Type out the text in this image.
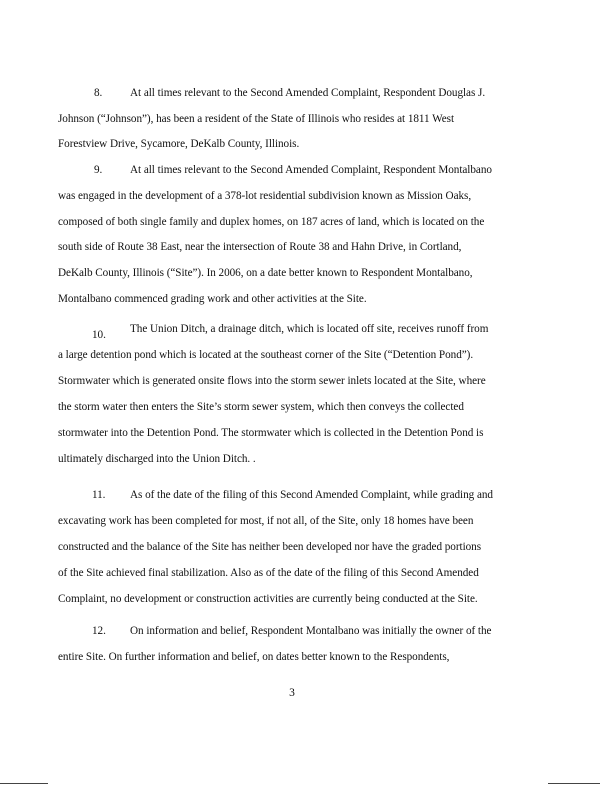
8. At all times relevant to the Second Amended Complaint, Respondent Douglas J.
Johnson (“Johnson”), has been a resident of the State of Illinois who resides at 1811 West
Forestview Drive, Sycamore, DeKalb County, Illinois.
9. At all times relevant to the Second Amended Complaint, Respondent Montalbano
was engaged in the development of a 378-lot residential subdivision known as Mission Oaks,
composed of both single family and duplex homes, on 187 acres of land, which is located on the
south side of Route 38 East, near the intersection of Route 38 and Hahn Drive, in Cortland,
DeKalb County, Illinois (“Site”). In 2006, on a date better known to Respondent Montalbano,
Montalbano commenced grading work and other activities at the Site.
10. The Union Ditch, a drainage ditch, which is located off site, receives runoff from
a large detention pond which is located at the southeast corner of the Site (“Detention Pond”).
Stormwater which is generated onsite flows into the storm sewer inlets located at the Site, where
the storm water then enters the Site’s storm sewer system, which then conveys the collected
stormwater into the Detention Pond. The stormwater which is collected in the Detention Pond is
ultimately discharged into the Union Ditch. .
11. As of the date of the filing of this Second Amended Complaint, while grading and
excavating work has been completed for most, if not all, of the Site, only 18 homes have been
constructed and the balance of the Site has neither been developed nor have the graded portions
of the Site achieved final stabilization. Also as of the date of the filing of this Second Amended
Complaint, no development or construction activities are currently being conducted at the Site.
12. On information and belief, Respondent Montalbano was initially the owner of the
entire Site. On further information and belief, on dates better known to the Respondents,
3
